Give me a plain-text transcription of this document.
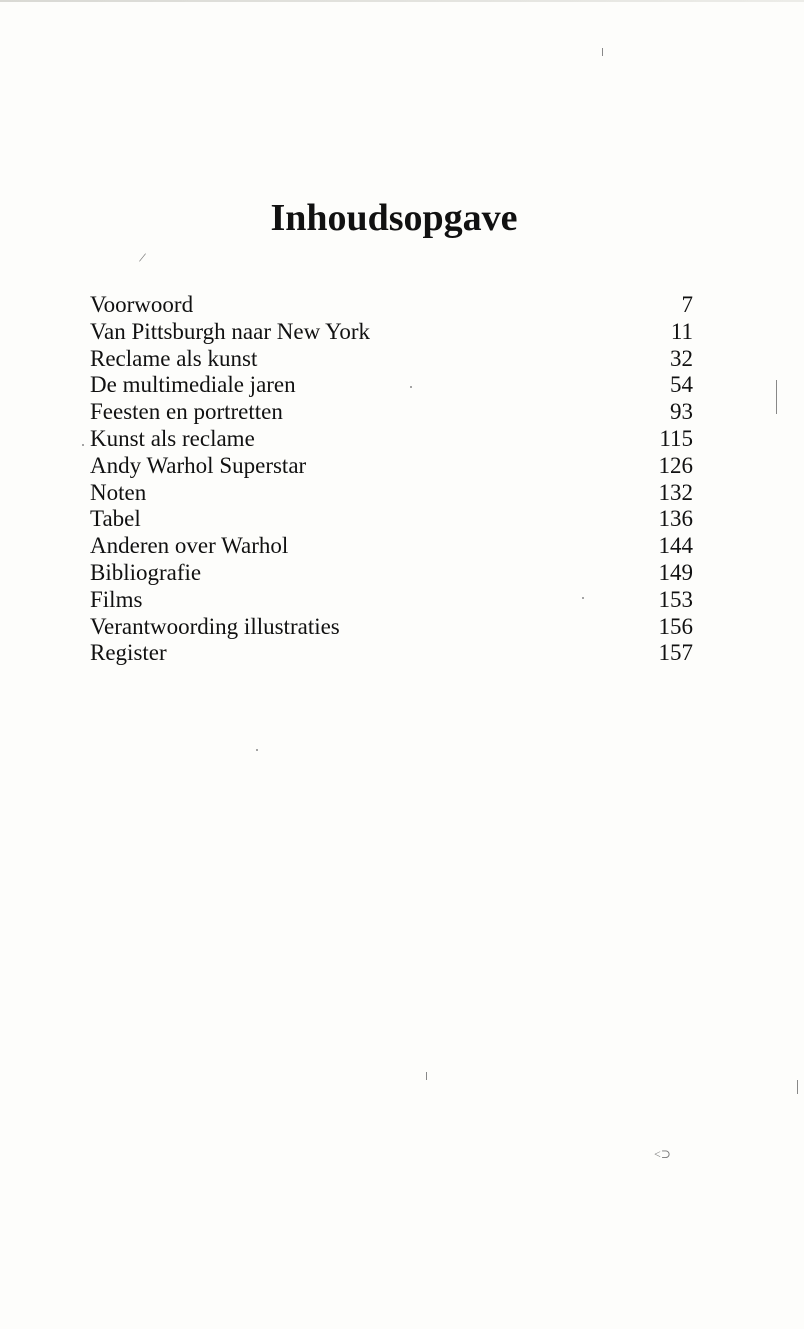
Inhoudsopgave
Voorwoord	7
Van Pittsburgh naar New York	11
Reclame als kunst	32
De multimediale jaren	54
Feesten en portretten	93
Kunst als reclame	115
Andy Warhol Superstar	126
Noten	132
Tabel	136
Anderen over Warhol	144
Bibliografie	149
Films	153
Verantwoording illustraties	156
Register	157
/
<⊃
